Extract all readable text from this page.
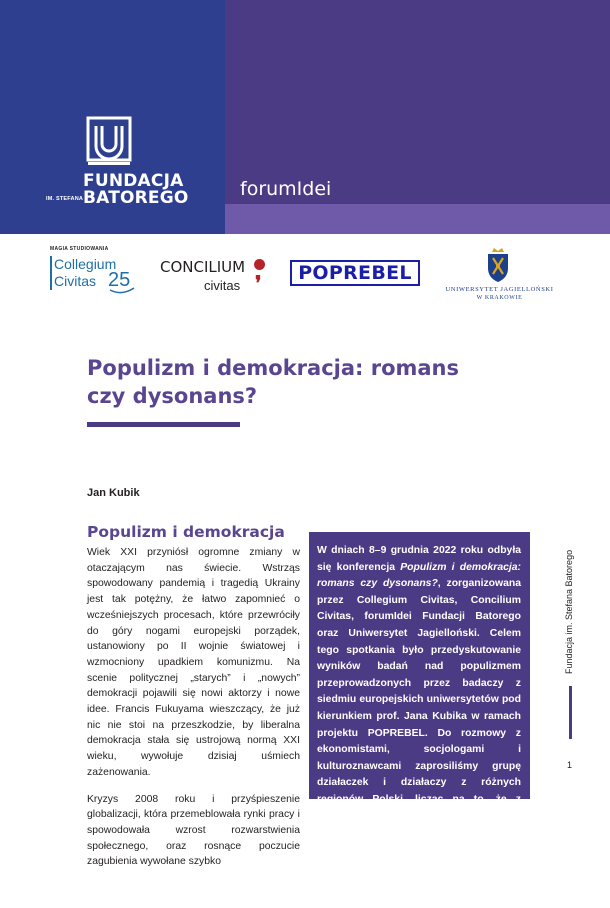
FUNDACJA
IM. STEFANA BATOREGO	forumIdei
MAGIA STUDIOWANIA
Collegium
Civitas 25
CONCILIUM
civitas ❜	POPREBEL
UNIWERSYTET JAGIELLOŃSKI
W KRAKOWIE
Populizm i demokracja: romans czy dysonans?
Jan Kubik
Populizm i demokracja

Wiek XXI przyniósł ogromne zmiany w otaczającym nas świecie. Wstrząs spowodowany pandemią i tragedią Ukrainy jest tak potężny, że łatwo zapomnieć o wcześniejszych procesach, które przewróciły do góry nogami europejski porządek, ustanowiony po II wojnie światowej i wzmocniony upadkiem komunizmu. Na scenie politycznej „starych” i „nowych” demokracji pojawili się nowi aktorzy i nowe idee. Francis Fukuyama wieszczący, że już nic nie stoi na przeszkodzie, by liberalna demokracja stała się ustrojową normą XXI wieku, wywołuje dzisiaj uśmiech zażenowania.

Kryzys 2008 roku i przyśpieszenie globalizacji, która przemeblowała rynki pracy i spowodowała wzrost rozwarstwienia społecznego, oraz rosnące poczucie zagubienia wywołane szybko

W dniach 8–9 grudnia 2022 roku odbyła się konferencja Populizm i demokracja: romans czy dysonans?, zorganizowana przez Collegium Civitas, Concilium Civitas, forumIdei Fundacji Batorego oraz Uniwersytet Jagielloński. Celem tego spotkania było przedyskutowanie wyników badań nad populizmem przeprowadzonych przez badaczy z siedmiu europejskich uniwersytetów pod kierunkiem prof. Jana Kubika w ramach projektu POPREBEL. Do rozmowy z ekonomistami, socjologami i kulturoznawcami zaprosiliśmy grupę działaczek i działaczy z różnych regionów Polski, licząc na to, że z połączenia mądrości praktyków i refleksji badaczy wyłonią się nowe, oryginalne pomysły na takie rozwiązania, które pomogą przeciwdziałać tak przyczynom, jak i skutkom zwycięstw populistycznych polityków.

Fundacja im. Stefana Batorego
1
